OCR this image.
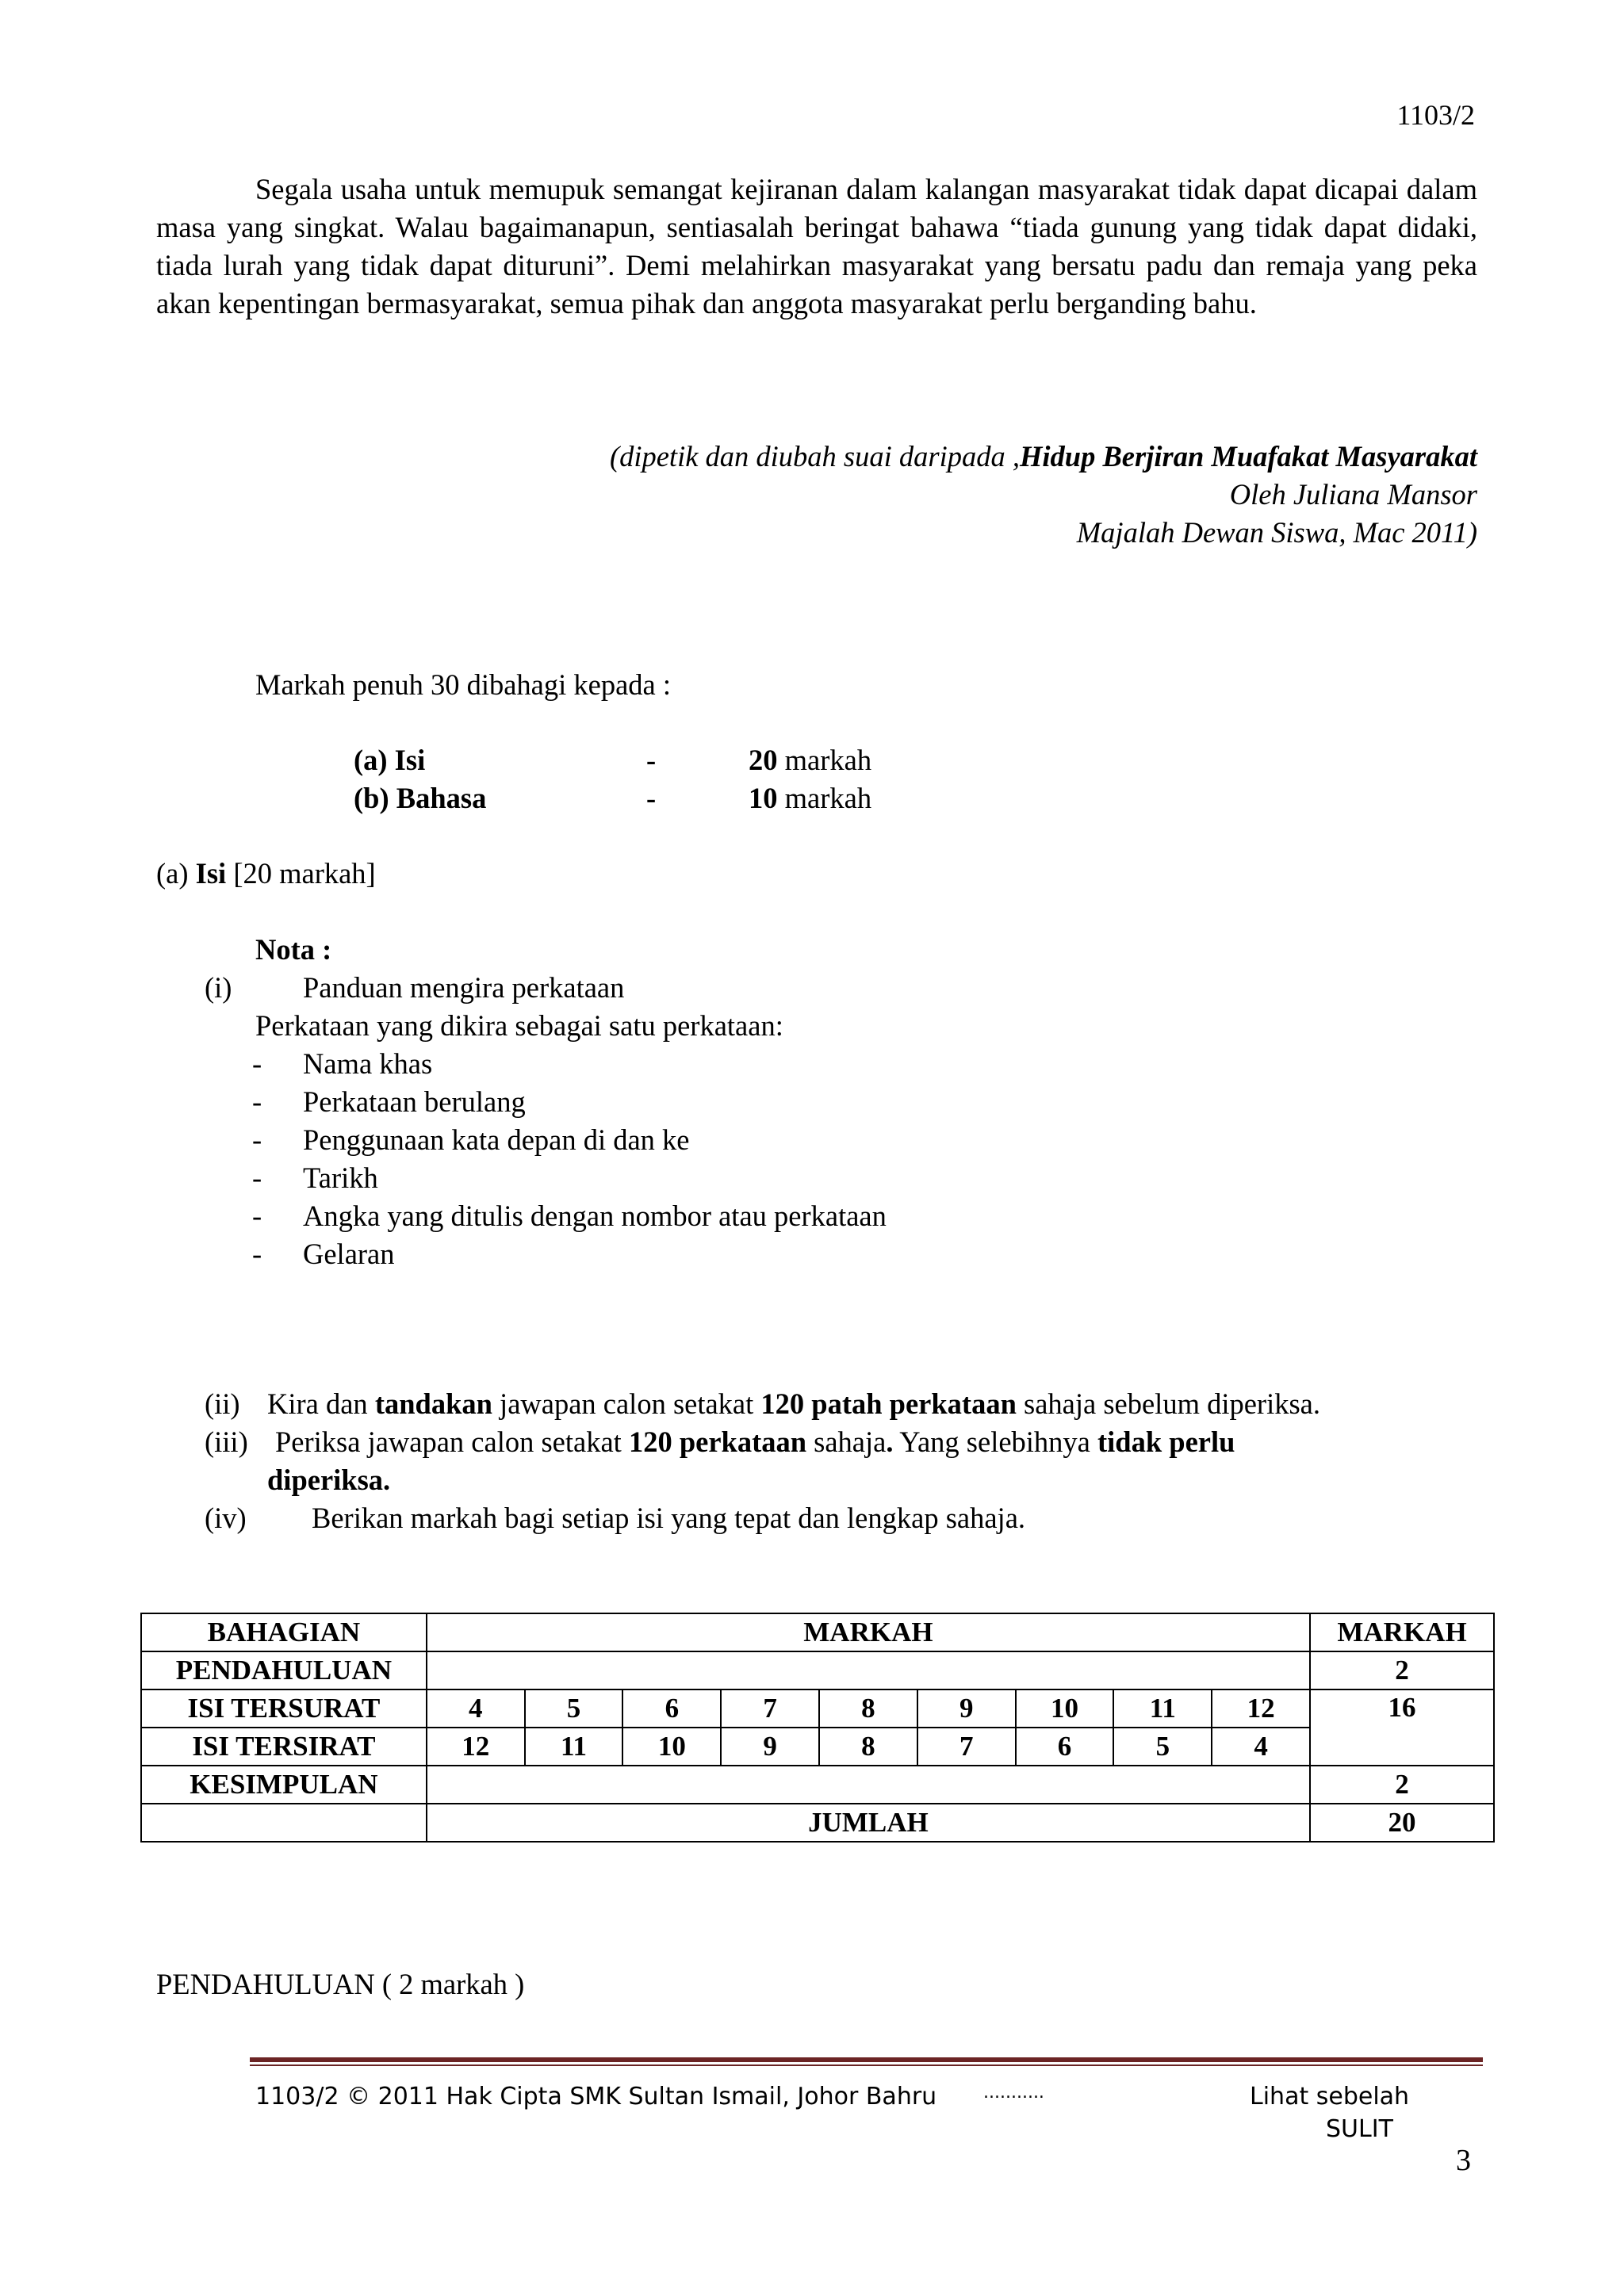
1103/2
Segala usaha untuk memupuk semangat kejiranan dalam kalangan masyarakat tidak dapat dicapai dalam masa yang singkat. Walau bagaimanapun, sentiasalah beringat bahawa “tiada gunung yang tidak dapat didaki, tiada lurah yang tidak dapat dituruni”. Demi melahirkan masyarakat yang bersatu padu dan remaja yang peka akan kepentingan bermasyarakat, semua pihak dan anggota masyarakat perlu berganding bahu.
(dipetik dan diubah suai daripada ,Hidup Berjiran Muafakat Masyarakat
Oleh Juliana Mansor
Majalah Dewan Siswa, Mac 2011)
Markah penuh 30 dibahagi kepada :
(a) Isi	-	20 markah
(b) Bahasa	-	10 markah
(a) Isi [20 markah]
Nota :
(i) Panduan mengira perkataan
Perkataan yang dikira sebagai satu perkataan:
- Nama khas
- Perkataan berulang
- Penggunaan kata depan di dan ke
- Tarikh
- Angka yang ditulis dengan nombor atau perkataan
- Gelaran
(ii) Kira dan tandakan jawapan calon setakat 120 patah perkataan sahaja sebelum diperiksa.
(iii) Periksa jawapan calon setakat 120 perkataan sahaja. Yang selebihnya tidak perlu
diperiksa.
(iv) Berikan markah bagi setiap isi yang tepat dan lengkap sahaja.
BAHAGIAN	MARKAH									MARKAH
PENDAHULUAN										2
ISI TERSURAT	4	5	6	7	8	9	10	11	12	16
ISI TERSIRAT	12	11	10	9	8	7	6	5	4	
KESIMPULAN										2
	JUMLAH									20
PENDAHULUAN ( 2 markah )
1103/2 © 2011 Hak Cipta SMK Sultan Ismail, Johor Bahru	...........	Lihat sebelah
SULIT
3
